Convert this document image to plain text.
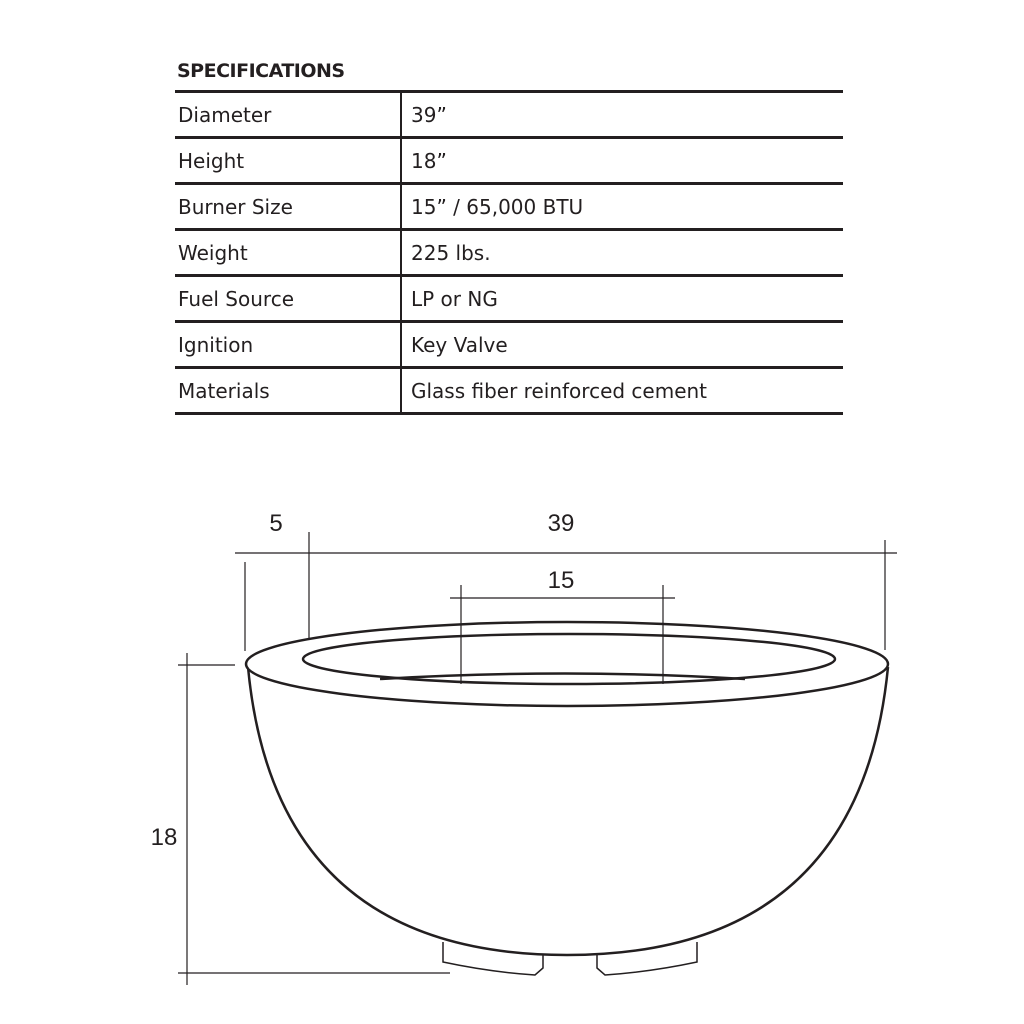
SPECIFICATIONS
Diameter	39”
Height	18”
Burner Size	15” / 65,000 BTU
Weight	225 lbs.
Fuel Source	LP or NG
Ignition	Key Valve
Materials	Glass fiber reinforced cement
5	39
15
18
